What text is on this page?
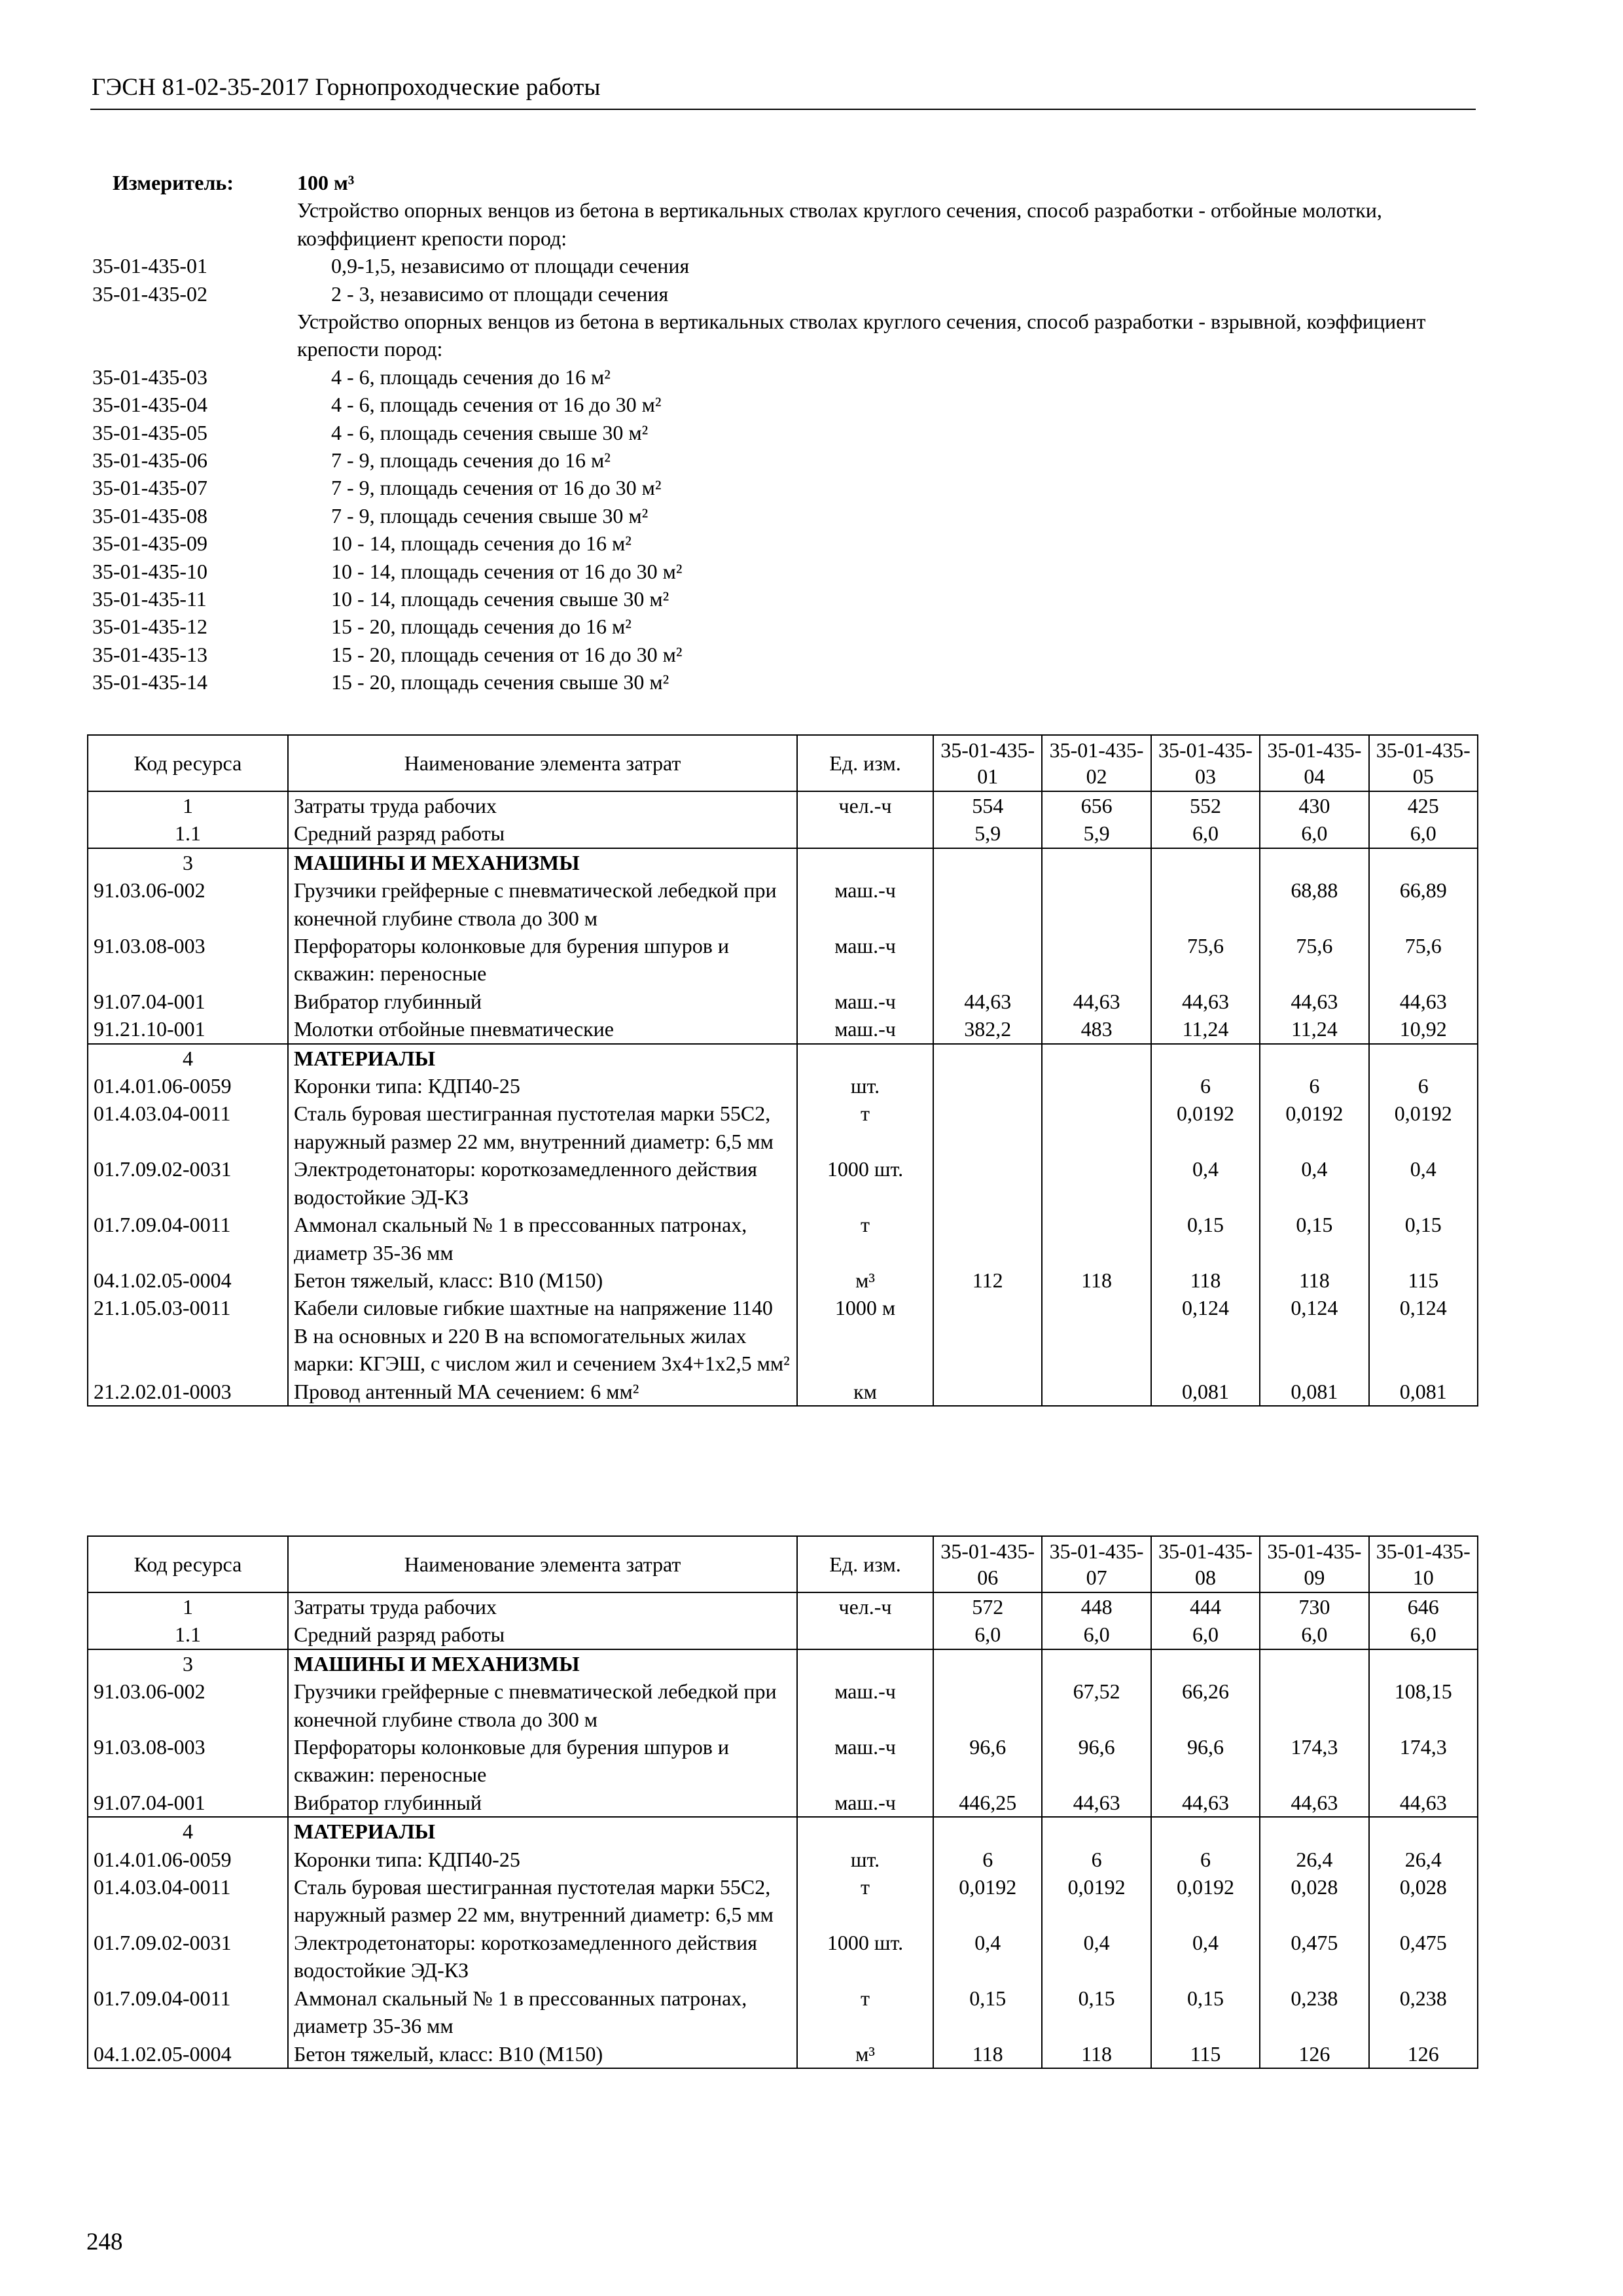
ГЭСН 81-02-35-2017 Горнопроходческие работы
Измеритель:	100 м³
Устройство опорных венцов из бетона в вертикальных стволах круглого сечения, способ разработки - отбойные молотки, коэффициент крепости пород:
35-01-435-01	0,9-1,5, независимо от площади сечения
35-01-435-02	2 - 3, независимо от площади сечения
Устройство опорных венцов из бетона в вертикальных стволах круглого сечения, способ разработки - взрывной, коэффициент крепости пород:
35-01-435-03	4 - 6, площадь сечения до 16 м²
35-01-435-04	4 - 6, площадь сечения от 16 до 30 м²
35-01-435-05	4 - 6, площадь сечения свыше 30 м²
35-01-435-06	7 - 9, площадь сечения до 16 м²
35-01-435-07	7 - 9, площадь сечения от 16 до 30 м²
35-01-435-08	7 - 9, площадь сечения свыше 30 м²
35-01-435-09	10 - 14, площадь сечения до 16 м²
35-01-435-10	10 - 14, площадь сечения от 16 до 30 м²
35-01-435-11	10 - 14, площадь сечения свыше 30 м²
35-01-435-12	15 - 20, площадь сечения до 16 м²
35-01-435-13	15 - 20, площадь сечения от 16 до 30 м²
35-01-435-14	15 - 20, площадь сечения свыше 30 м²
Код ресурса	Наименование элемента затрат	Ед. изм.	35-01-435-01	35-01-435-02	35-01-435-03	35-01-435-04	35-01-435-05
1	Затраты труда рабочих	чел.-ч	554	656	552	430	425
1.1	Средний разряд работы		5,9	5,9	6,0	6,0	6,0
3	МАШИНЫ И МЕХАНИЗМЫ						
91.03.06-002	Грузчики грейферные с пневматической лебедкой при конечной глубине ствола до 300 м	маш.-ч				68,88	66,89
91.03.08-003	Перфораторы колонковые для бурения шпуров и скважин: переносные	маш.-ч			75,6	75,6	75,6
91.07.04-001	Вибратор глубинный	маш.-ч	44,63	44,63	44,63	44,63	44,63
91.21.10-001	Молотки отбойные пневматические	маш.-ч	382,2	483	11,24	11,24	10,92
4	МАТЕРИАЛЫ						
01.4.01.06-0059	Коронки типа: КДП40-25	шт.			6	6	6
01.4.03.04-0011	Сталь буровая шестигранная пустотелая марки 55С2, наружный размер 22 мм, внутренний диаметр: 6,5 мм	т			0,0192	0,0192	0,0192
01.7.09.02-0031	Электродетонаторы: короткозамедленного действия водостойкие ЭД-КЗ	1000 шт.			0,4	0,4	0,4
01.7.09.04-0011	Аммонал скальный № 1 в прессованных патронах, диаметр 35-36 мм	т			0,15	0,15	0,15
04.1.02.05-0004	Бетон тяжелый, класс: В10 (М150)	м³	112	118	118	118	115
21.1.05.03-0011	Кабели силовые гибкие шахтные на напряжение 1140 В на основных и 220 В на вспомогательных жилах марки: КГЭШ, с числом жил и сечением 3х4+1х2,5 мм²	1000 м			0,124	0,124	0,124
21.2.02.01-0003	Провод антенный МА сечением: 6 мм²	км			0,081	0,081	0,081
Код ресурса	Наименование элемента затрат	Ед. изм.	35-01-435-06	35-01-435-07	35-01-435-08	35-01-435-09	35-01-435-10
1	Затраты труда рабочих	чел.-ч	572	448	444	730	646
1.1	Средний разряд работы		6,0	6,0	6,0	6,0	6,0
3	МАШИНЫ И МЕХАНИЗМЫ						
91.03.06-002	Грузчики грейферные с пневматической лебедкой при конечной глубине ствола до 300 м	маш.-ч		67,52	66,26		108,15
91.03.08-003	Перфораторы колонковые для бурения шпуров и скважин: переносные	маш.-ч	96,6	96,6	96,6	174,3	174,3
91.07.04-001	Вибратор глубинный	маш.-ч	446,25	44,63	44,63	44,63	44,63
4	МАТЕРИАЛЫ						
01.4.01.06-0059	Коронки типа: КДП40-25	шт.	6	6	6	26,4	26,4
01.4.03.04-0011	Сталь буровая шестигранная пустотелая марки 55С2, наружный размер 22 мм, внутренний диаметр: 6,5 мм	т	0,0192	0,0192	0,0192	0,028	0,028
01.7.09.02-0031	Электродетонаторы: короткозамедленного действия водостойкие ЭД-КЗ	1000 шт.	0,4	0,4	0,4	0,475	0,475
01.7.09.04-0011	Аммонал скальный № 1 в прессованных патронах, диаметр 35-36 мм	т	0,15	0,15	0,15	0,238	0,238
04.1.02.05-0004	Бетон тяжелый, класс: В10 (М150)	м³	118	118	115	126	126
248
